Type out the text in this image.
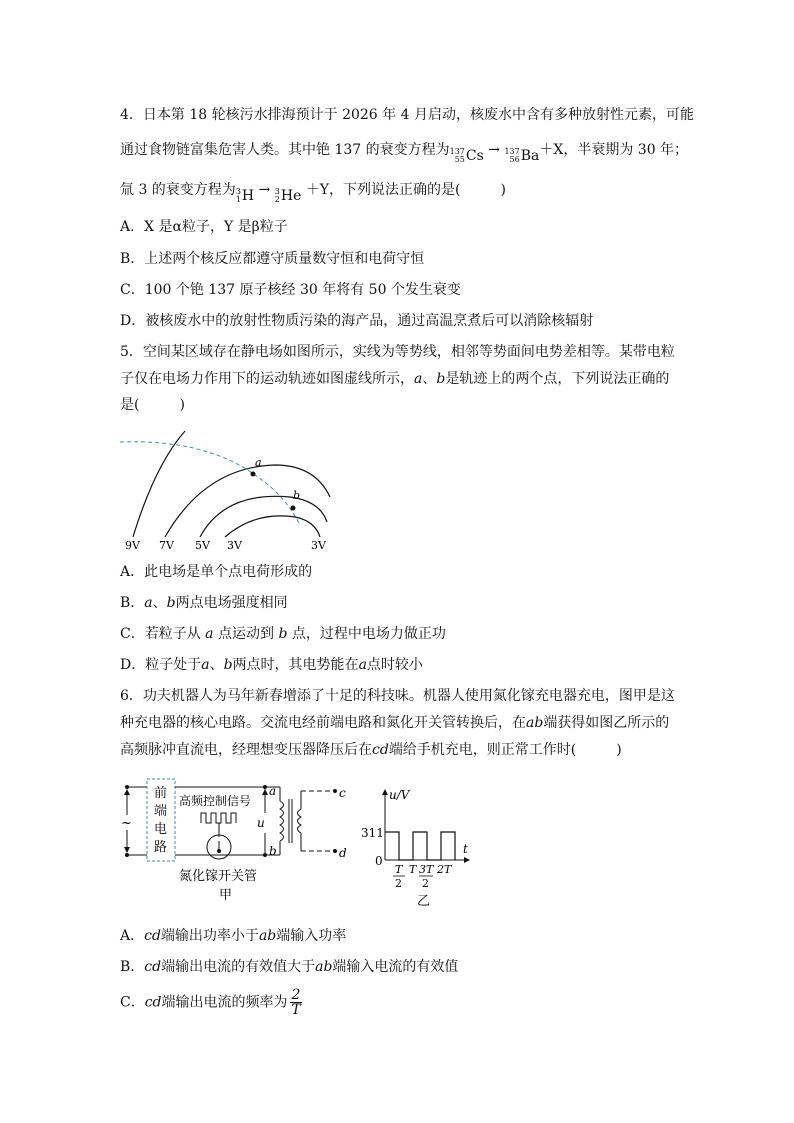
4．日本第 18 轮核污水排海预计于 2026 年 4 月启动，核废水中含有多种放射性元素，可能
通过食物链富集危害人类。其中铯 137 的衰变方程为 137
55 Cs → 137
56 Ba ＋X，半衰期为 30 年；
氚 3 的衰变方程为 3
1 H → 3
2 He ＋Y，下列说法正确的是(	)
A．X 是α粒子，Y 是β粒子
B．上述两个核反应都遵守质量数守恒和电荷守恒
C．100 个铯 137 原子核经 30 年将有 50 个发生衰变
D．被核废水中的放射性物质污染的海产品，通过高温烹煮后可以消除核辐射
5．空间某区域存在静电场如图所示，实线为等势线，相邻等势面间电势差相等。某带电粒
子仅在电场力作用下的运动轨迹如图虚线所示，a、b是轨迹上的两个点，下列说法正确的
是(	)
a
b
9V 7V 5V 3V	3V
A．此电场是单个点电荷形成的
B．a、b两点电场强度相同
C．若粒子从 a 点运动到 b 点，过程中电场力做正功
D．粒子处于a、b两点时，其电势能在a点时较小
6．功夫机器人为马年新春增添了十足的科技味。机器人使用氮化镓充电器充电，图甲是这
种充电器的核心电路。交流电经前端电路和氮化开关管转换后，在ab端获得如图乙所示的
高频脉冲直流电，经理想变压器降压后在cd端给手机充电，则正常工作时(	)
~
前
端
电
路
高频控制信号
氮化镓开关管
甲
a
b
u
c
d
u/V
t
311
0
T
2
T 3T
2
2T
乙
A．cd端输出功率小于ab端输入功率
B．cd端输出电流的有效值大于ab端输入电流的有效值
C．cd端输出电流的频率为 $\frac{2}{T}$
